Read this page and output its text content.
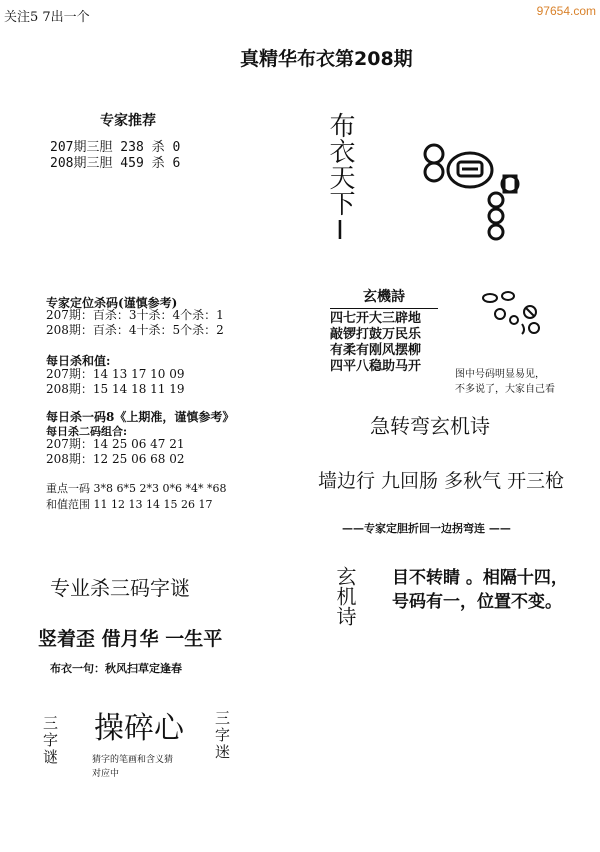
关注5 7出一个	97654.com
真精华布衣第208期
专家推荐
207期三胆 238 杀 0
208期三胆 459 杀 6
专家定位杀码(谨慎参考)
207期：百杀：3十杀：4个杀：1
208期：百杀：4十杀：5个杀：2
每日杀和值:
207期：14 13 17 10 09
208期：15 14 18 11 19
每日杀一码8《上期准，谨慎参考》
每日杀二码组合:
207期：14 25 06 47 21
208期：12 25 06 68 02
重点一码 3*8 6*5 2*3 0*6 *4* *68
和值范围 11 12 13 14 15 26 17
专业杀三码字谜
竖着歪 借月华 一生平
布衣一句：秋风扫草定逢春
三字谜 操碎心 三字迷
猜字的笔画和含义猜
对应中
布衣天下I
玄機詩
四七开大三辟地
敲锣打鼓万民乐
有柔有刚风摆柳
四平八稳助马开
图中号码明显易见，
不多说了，大家自己看
急转弯玄机诗
墙边行 九回肠 多秋气 开三枪
——专家定胆折回一边拐弯连 ——
玄机诗 目不转睛 。相隔十四，
号码有一，位置不变。
